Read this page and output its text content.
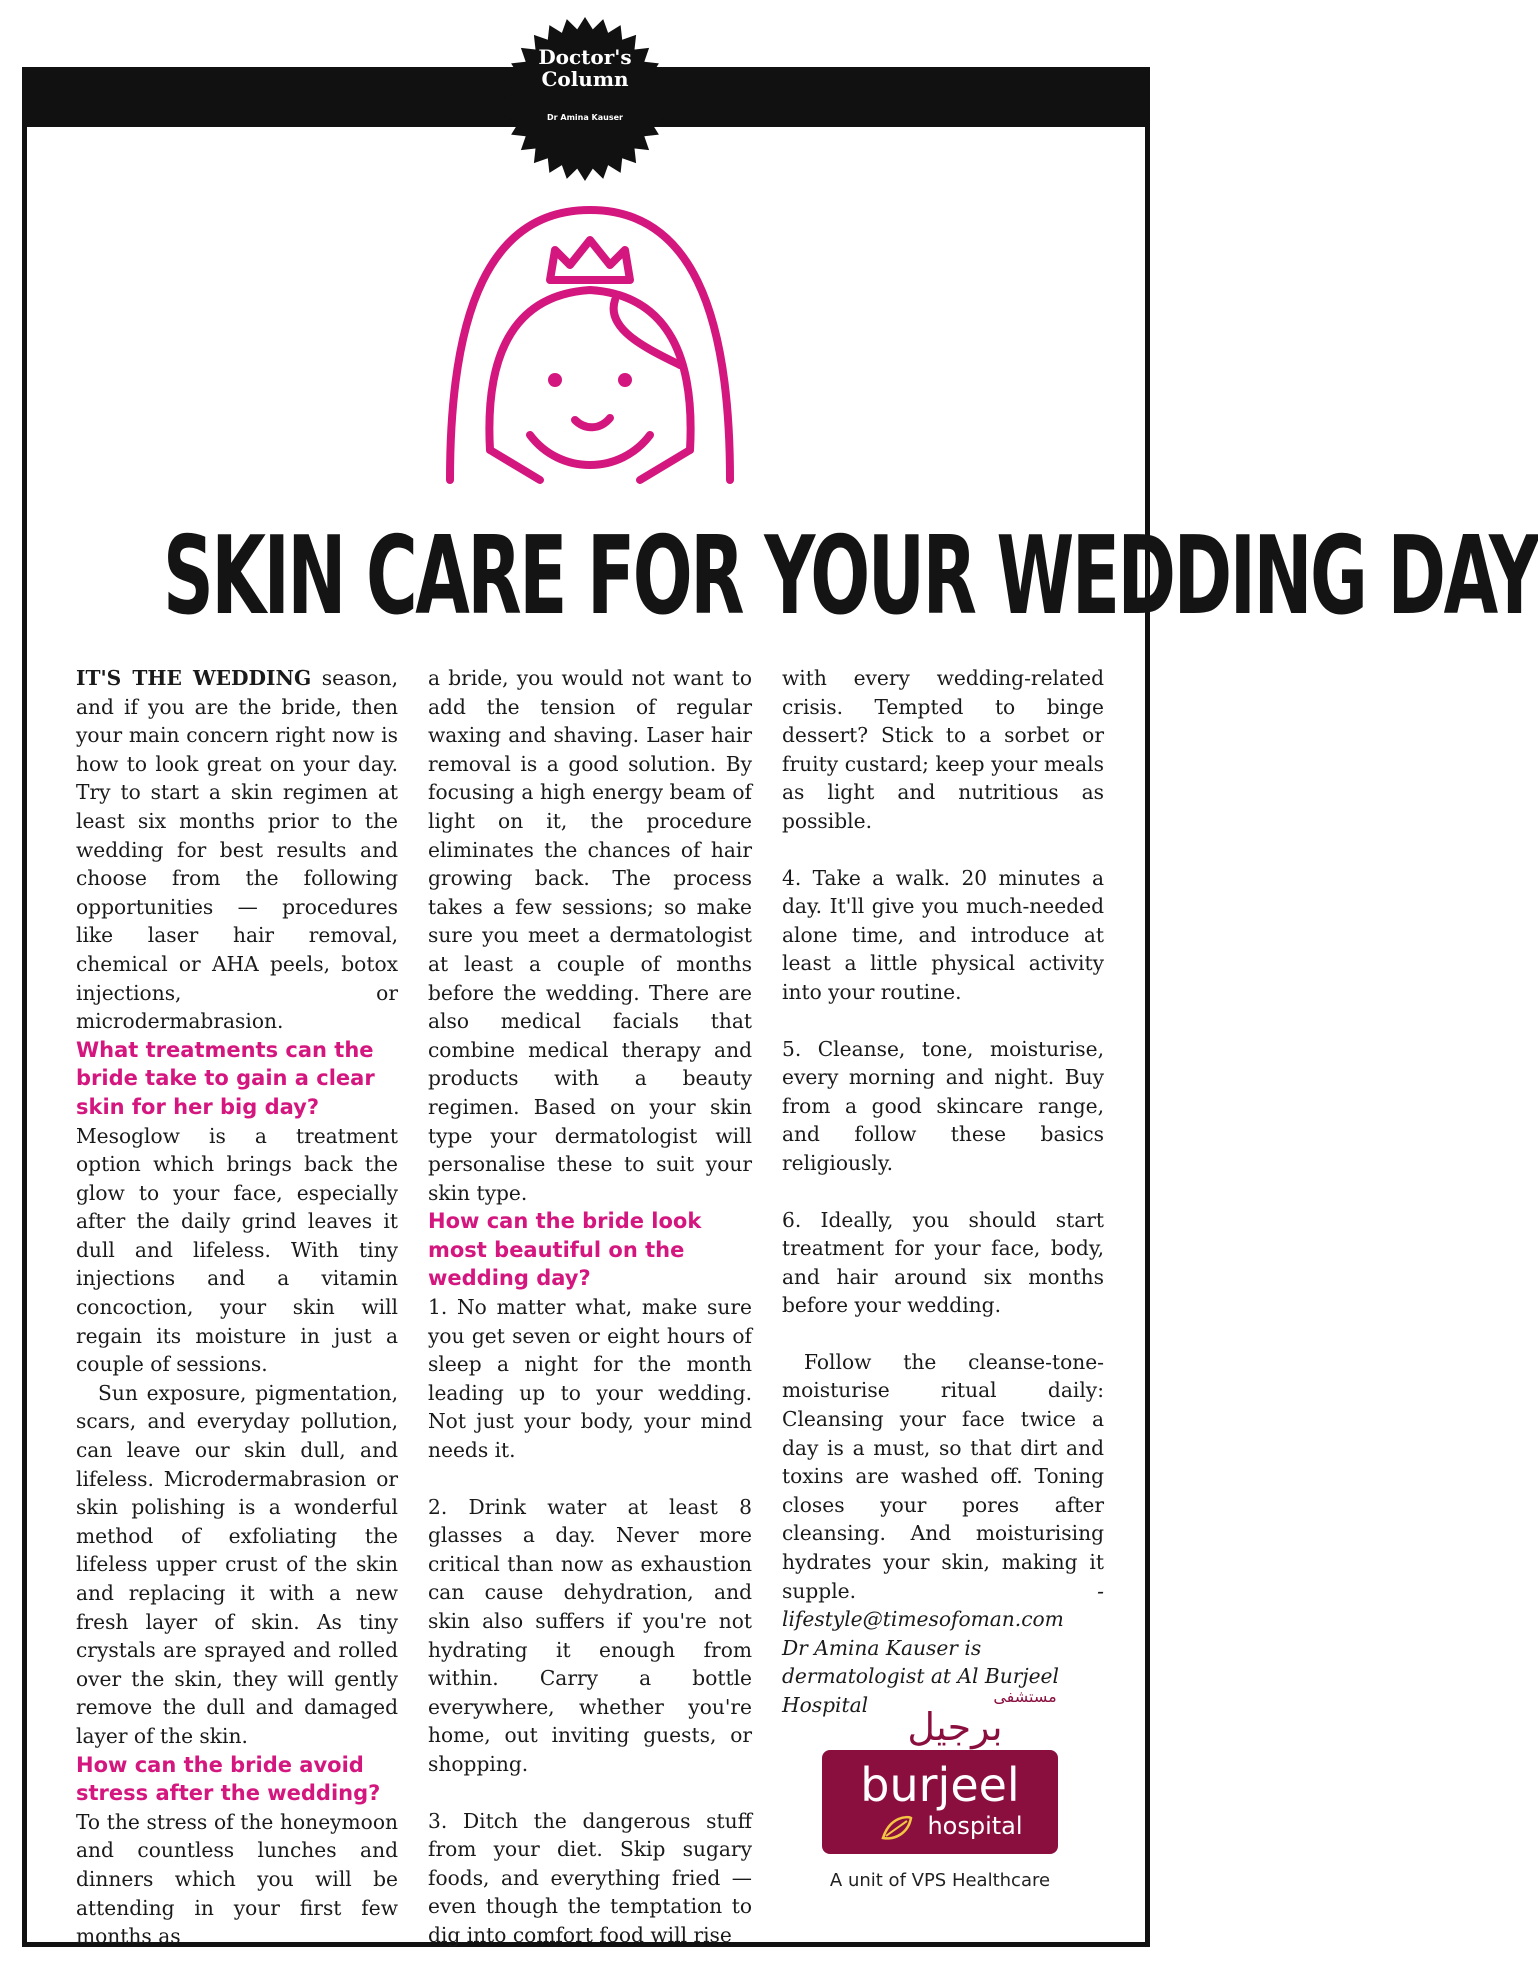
Doctor's
Column
Dr Amina Kauser
SKIN CARE FOR YOUR WEDDING DAY

IT'S THE WEDDING season, and if you are the bride, then your main concern right now is how to look great on your day. Try to start a skin regimen at least six months prior to the wedding for best results and choose from the following opportunities — procedures like laser hair removal, chemical or AHA peels, botox injections, or microdermabrasion.

What treatments can the bride take to gain a clear skin for her big day?

Mesoglow is a treatment option which brings back the glow to your face, especially after the daily grind leaves it dull and lifeless. With tiny injections and a vitamin concoction, your skin will regain its moisture in just a couple of sessions.

Sun exposure, pigmentation, scars, and everyday pollution, can leave our skin dull, and lifeless. Microdermabrasion or skin polishing is a wonderful method of exfoliating the lifeless upper crust of the skin and replacing it with a new fresh layer of skin. As tiny crystals are sprayed and rolled over the skin, they will gently remove the dull and damaged layer of the skin.

How can the bride avoid stress after the wedding?

To the stress of the honeymoon and countless lunches and dinners which you will be attending in your first few months as

a bride, you would not want to add the tension of regular waxing and shaving. Laser hair removal is a good solution. By focusing a high energy beam of light on it, the procedure eliminates the chances of hair growing back. The process takes a few sessions; so make sure you meet a dermatologist at least a couple of months before the wedding. There are also medical facials that combine medical therapy and products with a beauty regimen. Based on your skin type your dermatologist will personalise these to suit your skin type.

How can the bride look most beautiful on the wedding day?

1. No matter what, make sure you get seven or eight hours of sleep a night for the month leading up to your wedding. Not just your body, your mind needs it.

2. Drink water at least 8 glasses a day. Never more critical than now as exhaustion can cause dehydration, and skin also suffers if you're not hydrating it enough from within. Carry a bottle everywhere, whether you're home, out inviting guests, or shopping.

3. Ditch the dangerous stuff from your diet. Skip sugary foods, and everything fried — even though the temptation to dig into comfort food will rise

with every wedding-related crisis. Tempted to binge dessert? Stick to a sorbet or fruity custard; keep your meals as light and nutritious as possible.

4. Take a walk. 20 minutes a day. It'll give you much-needed alone time, and introduce at least a little physical activity into your routine.

5. Cleanse, tone, moisturise, every morning and night. Buy from a good skincare range, and follow these basics religiously.

6. Ideally, you should start treatment for your face, body, and hair around six months before your wedding.

Follow the cleanse-tone-moisturise ritual daily: Cleansing your face twice a day is a must, so that dirt and toxins are washed off. Toning closes your pores after cleansing. And moisturising hydrates your skin, making it supple.	-lifestyle@timesofoman.com

Dr Amina Kauser is dermatologist at Al Burjeel Hospital	مستشفى
برجيل
burjeel
hospital
A unit of VPS Healthcare
